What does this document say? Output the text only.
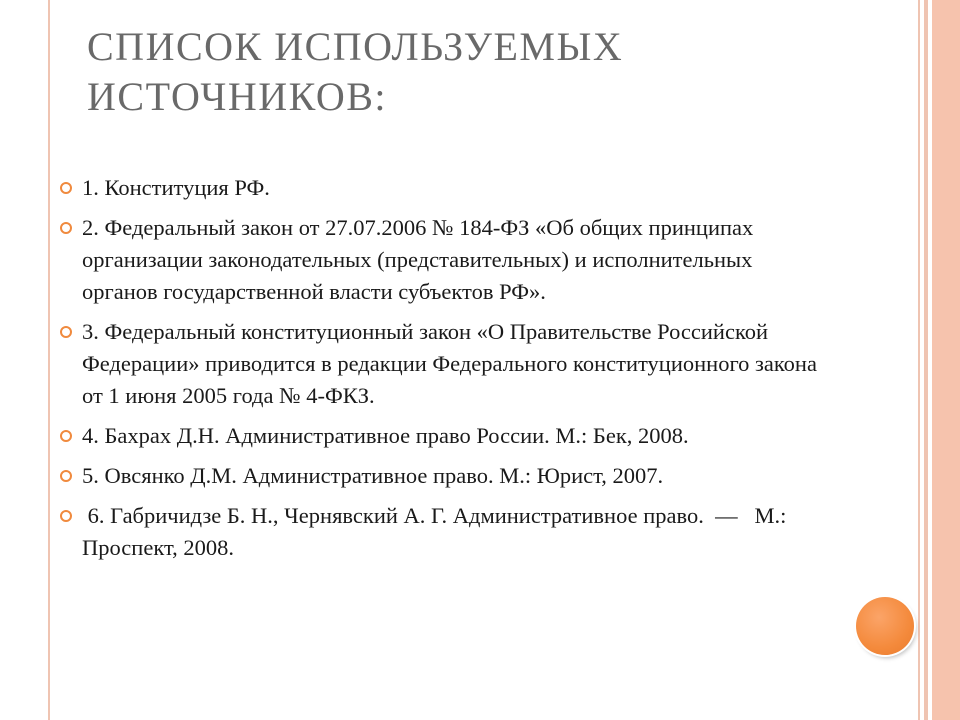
СПИСОК ИСПОЛЬЗУЕМЫХ ИСТОЧНИКОВ:
1. Конституция РФ.
2. Федеральный закон от 27.07.2006 № 184-ФЗ «Об общих принципах организации законодательных (представительных) и исполнительных органов государственной власти субъектов РФ».
3. Федеральный конституционный закон «О Правительстве Российской Федерации» приводится в редакции Федерального конституционного закона от 1 июня 2005 года № 4-ФКЗ.
4. Бахрах Д.Н. Административное право России. М.: Бек, 2008.
5. Овсянко Д.М. Административное право. М.: Юрист, 2007.
6. Габричидзе Б. Н., Чернявский А. Г. Административное право.  —   М.: Проспект, 2008.
